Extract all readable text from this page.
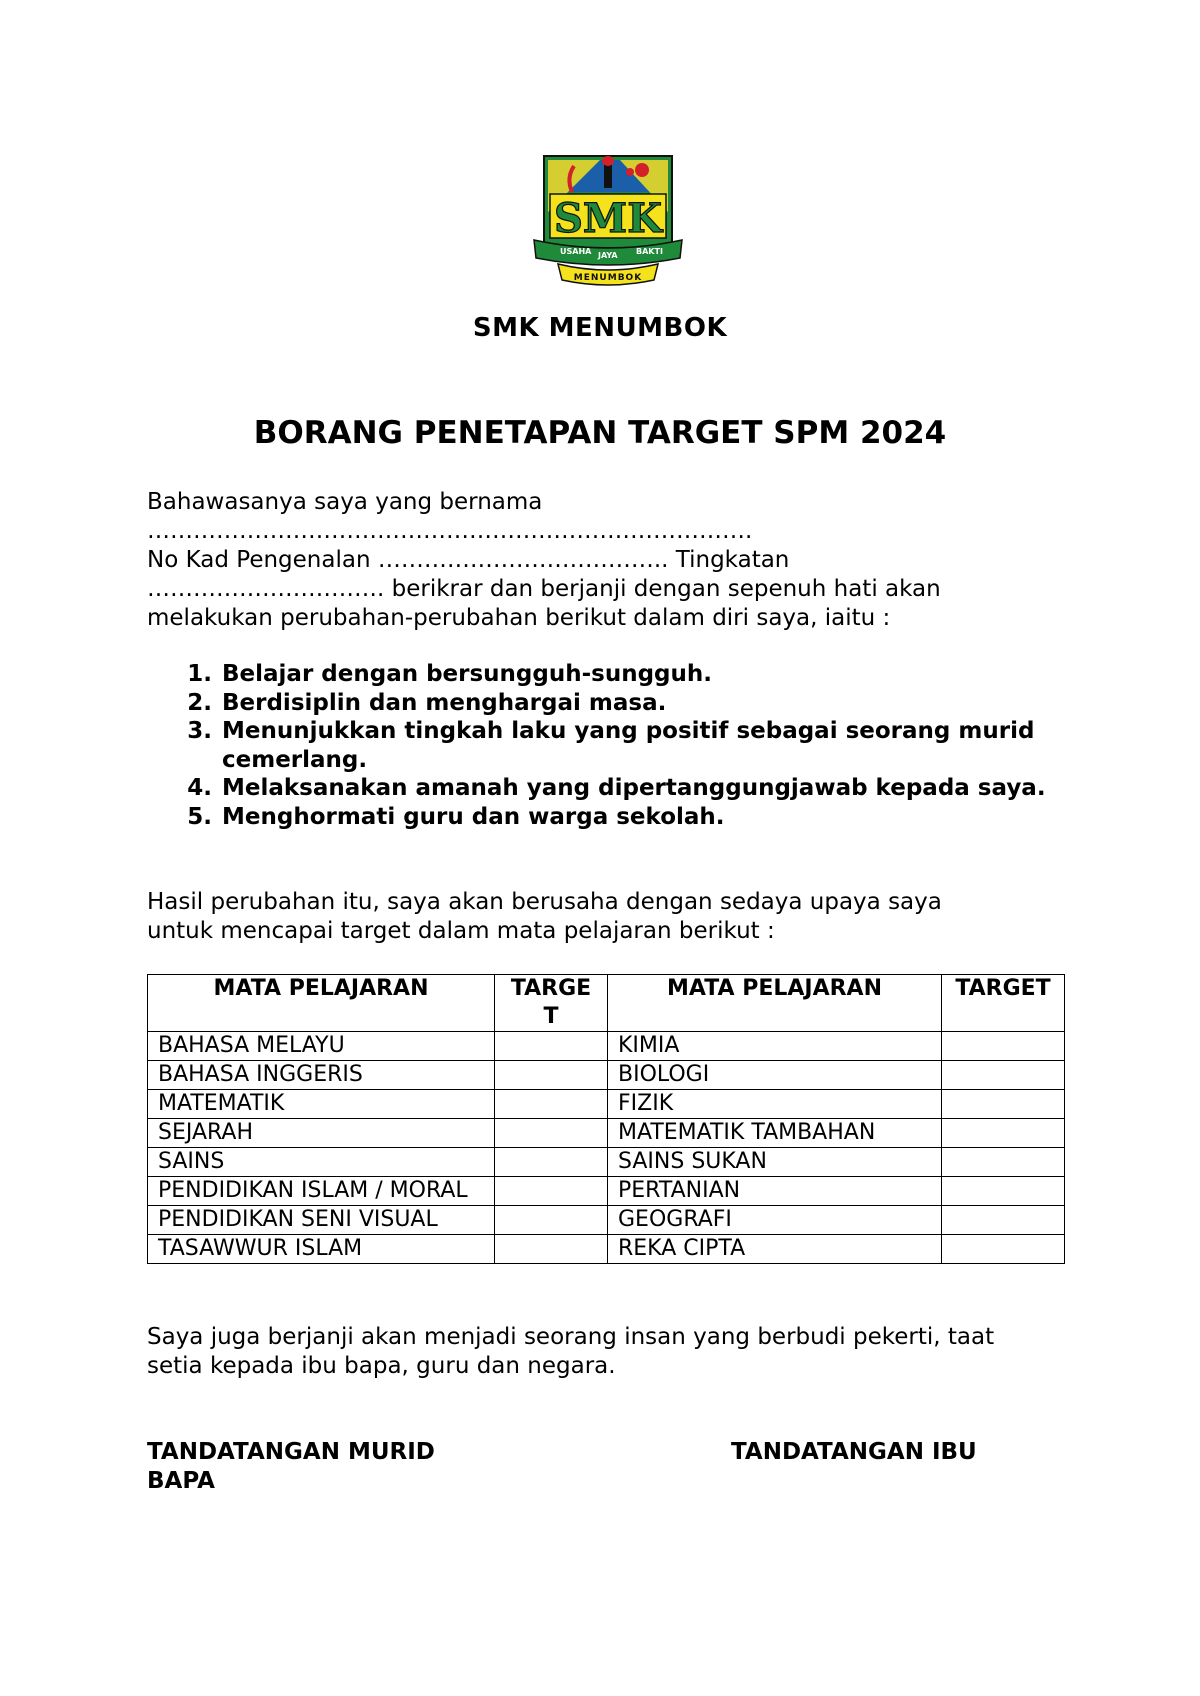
SMK
USAHA JAYA BAKTI
MENUMBOK
SMK MENUMBOK
BORANG PENETAPAN TARGET SPM 2024
Bahawasanya saya yang bernama
…………………………………………………………………….
No Kad Pengenalan ……………………………….. Tingkatan
…………………………. berikrar dan berjanji dengan sepenuh hati akan
melakukan perubahan-perubahan berikut dalam diri saya, iaitu :
1. Belajar dengan bersungguh-sungguh.
2. Berdisiplin dan menghargai masa.
3. Menunjukkan tingkah laku yang positif sebagai seorang murid cemerlang.
4. Melaksanakan amanah yang dipertanggungjawab kepada saya.
5. Menghormati guru dan warga sekolah.
Hasil perubahan itu, saya akan berusaha dengan sedaya upaya saya
untuk mencapai target dalam mata pelajaran berikut :
MATA PELAJARAN	TARGET	MATA PELAJARAN	TARGET
BAHASA MELAYU		KIMIA	
BAHASA INGGERIS		BIOLOGI	
MATEMATIK		FIZIK	
SEJARAH		MATEMATIK TAMBAHAN	
SAINS		SAINS SUKAN	
PENDIDIKAN ISLAM / MORAL		PERTANIAN	
PENDIDIKAN SENI VISUAL		GEOGRAFI	
TASAWWUR ISLAM		REKA CIPTA	
Saya juga berjanji akan menjadi seorang insan yang berbudi pekerti, taat
setia kepada ibu bapa, guru dan negara.
TANDATANGAN MURID	TANDATANGAN IBU
BAPA
